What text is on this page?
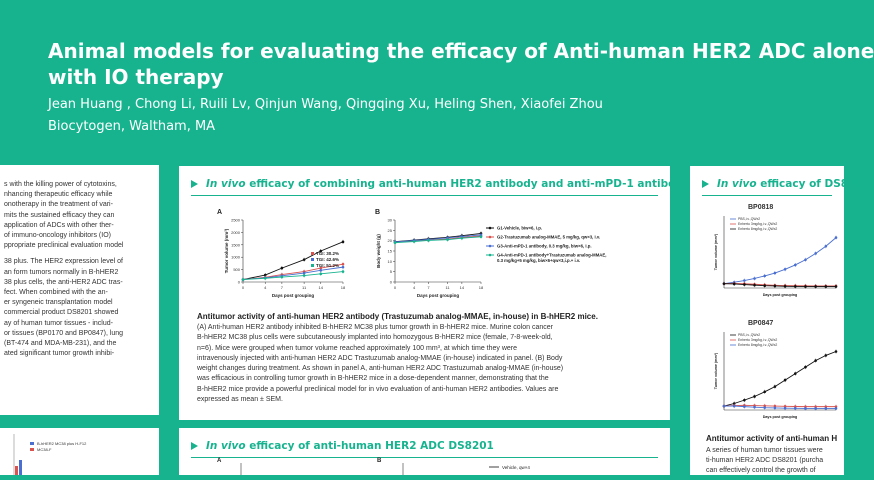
Animal models for evaluating the efficacy of Anti-human HER2 ADC alone
with IO therapy
Jean Huang , Chong Li, Ruili Lv, Qinjun Wang, Qingqing Xu, Heling Shen, Xiaofei Zhou
Biocytogen, Waltham, MA

s with the killing power of cytotoxins,
nhancing therapeutic efficacy while
onotherapy in the treatment of vari-
mits the sustained efficacy they can
application of ADCs with other ther-
of immuno-oncology inhibitors (IO)
ppropriate preclinical evaluation model

38 plus. The HER2 expression level of
an form tumors normally in B-hHER2
38 plus cells, the anti-HER2 ADC tras-
fect. When combined with the an-
er syngeneic transplantation model
commercial product DS8201 showed
ay of human tumor tissues - includ-
or tissues (BP0170 and BP0847), lung
(BT-474 and MDA-MB-231), and the
ated significant tumor growth inhibi-

B-hHER2 MC38 plus H-F12
MC38-F
In vivo efficacy of combining anti-human HER2 antibody and anti-mPD-1 antibody
A
0
500
1000
1500
2000
2500
0	4	7	11	14	18
Days post grouping
Tumor volume (mm³)	TGI: 30.2%
TGI: 42.6%
TGI: 51.2%
B
0
5
10
15
20
25
30
0	4	7	11	14	18
Days post grouping
Body weight (g)
G1-Vehicle, biw×6, i.p.
G2-Trastuzumab analog-MMAE, 5 mg/kg, qw×3, i.v.
G3-Anti-mPD-1 antibody, 0.3 mg/kg, biw×6, i.p.
G4-Anti-mPD-1 antibody+Trastuzumab analog-MMAE,
0.3 mg/kg+5 mg/kg, biw×6+qw×3,i.p.+ i.v.
Antitumor activity of anti-human HER2 antibody (Trastuzumab analog-MMAE, in-house) in B-hHER2 mice.
(A) Anti-human HER2 antibody inhibited B-hHER2 MC38 plus tumor growth in B-hHER2 mice. Murine colon cancer
B-hHER2 MC38 plus cells were subcutaneously implanted into homozygous B-hHER2 mice (female, 7-8-week-old,
n=6). Mice were grouped when tumor volume reached approximately 100 mm³, at which time they were
intravenously injected with anti-human HER2 ADC Trastuzumab analog-MMAE (in-house) indicated in panel. (B) Body
weight changes during treatment. As shown in panel A, anti-human HER2 ADC Trastuzumab analog-MMAE (in-house)
was efficacious in controlling tumor growth in B-hHER2 mice in a dose-dependent manner, demonstrating that the
B-hHER2 mice provide a powerful preclinical model for in vivo evaluation of anti-human HER2 antibodies. Values are
expressed as mean ± SEM.
In vivo efficacy of anti-human HER2 ADC DS8201
A	B
Vehicle, qw×4
In vivo efficacy of DS820
BP0818
Days post grouping
Tumor volume (mm³)
PBS,i.v.,QWx2
Enhertu 3mg/kg,i.v.,QWx2
Enhertu 8mg/kg,i.v.,QWx2
BP0847
Days post grouping
Tumor volume (mm³)
PBS,i.v.,QWx2
Enhertu 3mg/kg,i.v.,QWx2
Enhertu 8mg/kg,i.v.,QWx2
Antitumor activity of anti-human H
A series of human tumor tissues were
ti-human HER2 ADC DS8201 (purcha
can effectively control the growth of
